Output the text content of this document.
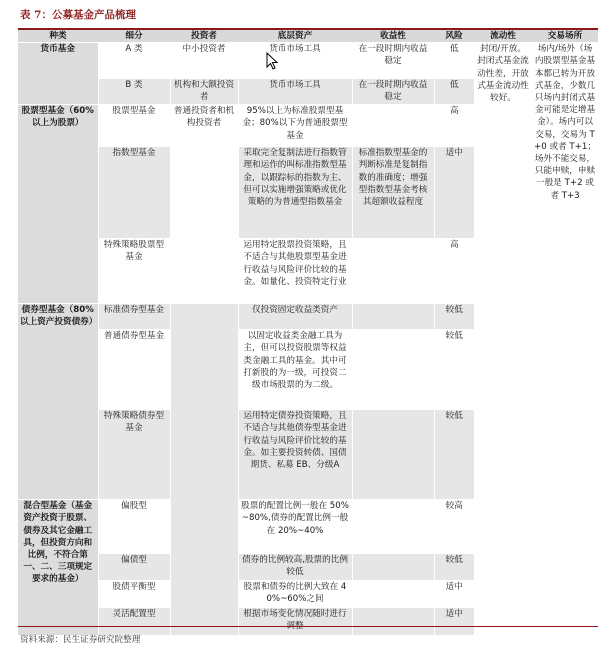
表 7：公募基金产品梳理
种类	细分	投资者	底层资产	收益性	风险	流动性	交易场所
货币基金	A 类	中小投资者	货币市场工具	在一段时期内收益稳定	低	封闭/开放。封闭式基金流动性差，开放式基金流动性较好。	场内/场外（场内股票型基金基本都已转为开放式基金，少数几只场内封闭式基金可能是定增基金）。场内可以交易，交易为 T+0 或者 T+1；场外不能交易，只能申赎，申赎一般是 T+2 或者 T+3
	B 类	机构和大额投资者	货币市场工具	在一段时期内收益稳定	低		
股票型基金（60%以上为股票）	股票型基金	普通投资者和机构投资者	95%以上为标准股票型基金；80%以下为普通股票型基金		高		
	指数型基金		采取完全复制法进行指数管理和运作的叫标准指数型基金，以跟踪标的指数为主、但可以实施增强策略或优化策略的为普通型指数基金	标准指数型基金的判断标准是复制指数的准确度；增强型指数型基金考核其超额收益程度	适中		
	特殊策略股票型基金		运用特定股票投资策略，且不适合与其他股票型基金进行收益与风险评价比较的基金。如量化、投资特定行业		高		
债券型基金（80%以上资产投资债券）	标准债券型基金		仅投资固定收益类资产		较低		
	普通债券型基金		以固定收益类金融工具为主，但可以投资股票等权益类金融工具的基金。其中可打新股的为一级，可投资二级市场股票的为二级。		较低		
	特殊策略债券型基金		运用特定债券投资策略，且不适合与其他债券型基金进行收益与风险评价比较的基金。如主要投资转债、国债期货、私募 EB、分级A		较低		
混合型基金（基金资产投资于股票、债券及其它金融工具，但投资方向和比例，不符合第一、二、三项规定要求的基金）	偏股型		股票的配置比例一般在 50%~80%,债券的配置比例一般在 20%~40%		较高		
	偏债型		债券的比例较高,股票的比例较低		较低		
	股债平衡型		股票和债券的比例大致在 40%~60%之间		适中		
	灵活配置型		根据市场变化情况随时进行调整		适中		
资料来源：民生证券研究院整理
